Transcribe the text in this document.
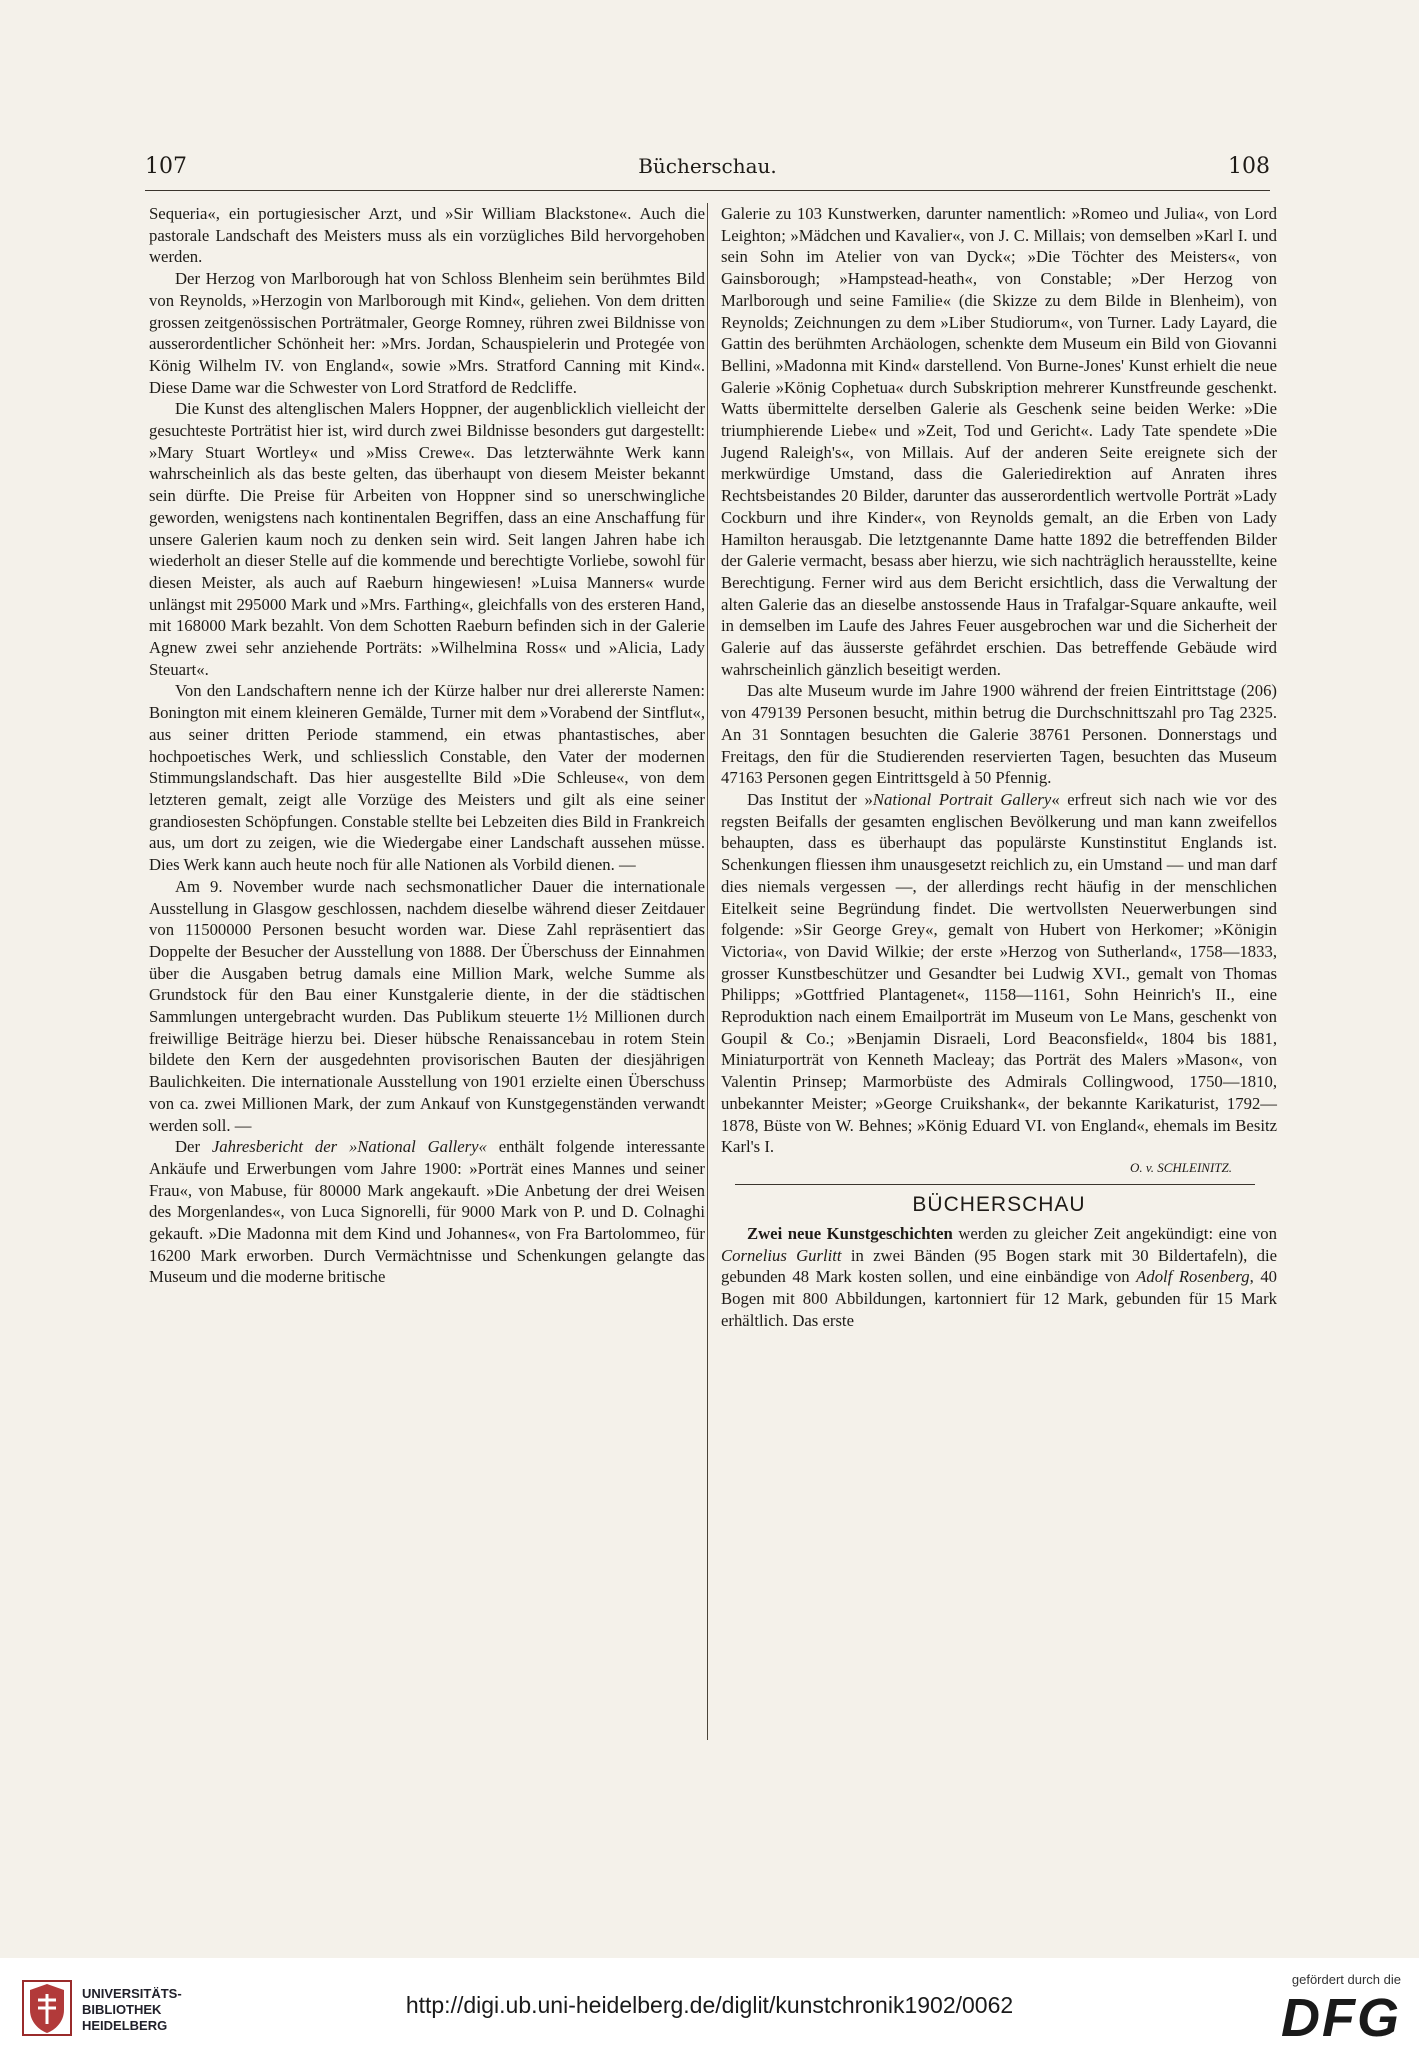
107	Bücherschau.	108

Sequeria«, ein portugiesischer Arzt, und »Sir William Blackstone«. Auch die pastorale Landschaft des Meisters muss als ein vorzügliches Bild hervorgehoben werden.

Der Herzog von Marlborough hat von Schloss Blenheim sein berühmtes Bild von Reynolds, »Herzogin von Marlborough mit Kind«, geliehen. Von dem dritten grossen zeitgenössischen Porträtmaler, George Romney, rühren zwei Bildnisse von ausserordentlicher Schönheit her: »Mrs. Jordan, Schauspielerin und Protegée von König Wilhelm IV. von England«, sowie »Mrs. Stratford Canning mit Kind«. Diese Dame war die Schwester von Lord Stratford de Redcliffe.

Die Kunst des altenglischen Malers Hoppner, der augenblicklich vielleicht der gesuchteste Porträtist hier ist, wird durch zwei Bildnisse besonders gut dargestellt: »Mary Stuart Wortley« und »Miss Crewe«. Das letzterwähnte Werk kann wahrscheinlich als das beste gelten, das überhaupt von diesem Meister bekannt sein dürfte. Die Preise für Arbeiten von Hoppner sind so unerschwingliche geworden, wenigstens nach kontinentalen Begriffen, dass an eine Anschaffung für unsere Galerien kaum noch zu denken sein wird. Seit langen Jahren habe ich wiederholt an dieser Stelle auf die kommende und berechtigte Vorliebe, sowohl für diesen Meister, als auch auf Raeburn hingewiesen! »Luisa Manners« wurde unlängst mit 295000 Mark und »Mrs. Farthing«, gleichfalls von des ersteren Hand, mit 168000 Mark bezahlt. Von dem Schotten Raeburn befinden sich in der Galerie Agnew zwei sehr anziehende Porträts: »Wilhelmina Ross« und »Alicia, Lady Steuart«.

Von den Landschaftern nenne ich der Kürze halber nur drei allererste Namen: Bonington mit einem kleineren Gemälde, Turner mit dem »Vorabend der Sintflut«, aus seiner dritten Periode stammend, ein etwas phantastisches, aber hochpoetisches Werk, und schliesslich Constable, den Vater der modernen Stimmungslandschaft. Das hier ausgestellte Bild »Die Schleuse«, von dem letzteren gemalt, zeigt alle Vorzüge des Meisters und gilt als eine seiner grandiosesten Schöpfungen. Constable stellte bei Lebzeiten dies Bild in Frankreich aus, um dort zu zeigen, wie die Wiedergabe einer Landschaft aussehen müsse. Dies Werk kann auch heute noch für alle Nationen als Vorbild dienen. —

Am 9. November wurde nach sechsmonatlicher Dauer die internationale Ausstellung in Glasgow geschlossen, nachdem dieselbe während dieser Zeitdauer von 11500000 Personen besucht worden war. Diese Zahl repräsentiert das Doppelte der Besucher der Ausstellung von 1888. Der Überschuss der Einnahmen über die Ausgaben betrug damals eine Million Mark, welche Summe als Grundstock für den Bau einer Kunstgalerie diente, in der die städtischen Sammlungen untergebracht wurden. Das Publikum steuerte 1½ Millionen durch freiwillige Beiträge hierzu bei. Dieser hübsche Renaissancebau in rotem Stein bildete den Kern der ausgedehnten provisorischen Bauten der diesjährigen Baulichkeiten. Die internationale Ausstellung von 1901 erzielte einen Überschuss von ca. zwei Millionen Mark, der zum Ankauf von Kunstgegenständen verwandt werden soll. —

Der Jahresbericht der »National Gallery« enthält folgende interessante Ankäufe und Erwerbungen vom Jahre 1900: »Porträt eines Mannes und seiner Frau«, von Mabuse, für 80000 Mark angekauft. »Die Anbetung der drei Weisen des Morgenlandes«, von Luca Signorelli, für 9000 Mark von P. und D. Colnaghi gekauft. »Die Madonna mit dem Kind und Johannes«, von Fra Bartolommeo, für 16200 Mark erworben. Durch Vermächtnisse und Schenkungen gelangte das Museum und die moderne britische

Galerie zu 103 Kunstwerken, darunter namentlich: »Romeo und Julia«, von Lord Leighton; »Mädchen und Kavalier«, von J. C. Millais; von demselben »Karl I. und sein Sohn im Atelier von van Dyck«; »Die Töchter des Meisters«, von Gainsborough; »Hampstead-heath«, von Constable; »Der Herzog von Marlborough und seine Familie« (die Skizze zu dem Bilde in Blenheim), von Reynolds; Zeichnungen zu dem »Liber Studiorum«, von Turner. Lady Layard, die Gattin des berühmten Archäologen, schenkte dem Museum ein Bild von Giovanni Bellini, »Madonna mit Kind« darstellend. Von Burne-Jones' Kunst erhielt die neue Galerie »König Cophetua« durch Subskription mehrerer Kunstfreunde geschenkt. Watts übermittelte derselben Galerie als Geschenk seine beiden Werke: »Die triumphierende Liebe« und »Zeit, Tod und Gericht«. Lady Tate spendete »Die Jugend Raleigh's«, von Millais. Auf der anderen Seite ereignete sich der merkwürdige Umstand, dass die Galeriedirektion auf Anraten ihres Rechtsbeistandes 20 Bilder, darunter das ausserordentlich wertvolle Porträt »Lady Cockburn und ihre Kinder«, von Reynolds gemalt, an die Erben von Lady Hamilton herausgab. Die letztgenannte Dame hatte 1892 die betreffenden Bilder der Galerie vermacht, besass aber hierzu, wie sich nachträglich herausstellte, keine Berechtigung. Ferner wird aus dem Bericht ersichtlich, dass die Verwaltung der alten Galerie das an dieselbe anstossende Haus in Trafalgar-Square ankaufte, weil in demselben im Laufe des Jahres Feuer ausgebrochen war und die Sicherheit der Galerie auf das äusserste gefährdet erschien. Das betreffende Gebäude wird wahrscheinlich gänzlich beseitigt werden.

Das alte Museum wurde im Jahre 1900 während der freien Eintrittstage (206) von 479139 Personen besucht, mithin betrug die Durchschnittszahl pro Tag 2325. An 31 Sonntagen besuchten die Galerie 38761 Personen. Donnerstags und Freitags, den für die Studierenden reservierten Tagen, besuchten das Museum 47163 Personen gegen Eintrittsgeld à 50 Pfennig.

Das Institut der »National Portrait Gallery« erfreut sich nach wie vor des regsten Beifalls der gesamten englischen Bevölkerung und man kann zweifellos behaupten, dass es überhaupt das populärste Kunstinstitut Englands ist. Schenkungen fliessen ihm unausgesetzt reichlich zu, ein Umstand — und man darf dies niemals vergessen —, der allerdings recht häufig in der menschlichen Eitelkeit seine Begründung findet. Die wertvollsten Neuerwerbungen sind folgende: »Sir George Grey«, gemalt von Hubert von Herkomer; »Königin Victoria«, von David Wilkie; der erste »Herzog von Sutherland«, 1758—1833, grosser Kunstbeschützer und Gesandter bei Ludwig XVI., gemalt von Thomas Philipps; »Gottfried Plantagenet«, 1158—1161, Sohn Heinrich's II., eine Reproduktion nach einem Emailporträt im Museum von Le Mans, geschenkt von Goupil & Co.; »Benjamin Disraeli, Lord Beaconsfield«, 1804 bis 1881, Miniaturporträt von Kenneth Macleay; das Porträt des Malers »Mason«, von Valentin Prinsep; Marmorbüste des Admirals Collingwood, 1750—1810, unbekannter Meister; »George Cruikshank«, der bekannte Karikaturist, 1792—1878, Büste von W. Behnes; »König Eduard VI. von England«, ehemals im Besitz Karl's I.

O. v. SCHLEINITZ.
BÜCHERSCHAU

Zwei neue Kunstgeschichten werden zu gleicher Zeit angekündigt: eine von Cornelius Gurlitt in zwei Bänden (95 Bogen stark mit 30 Bildertafeln), die gebunden 48 Mark kosten sollen, und eine einbändige von Adolf Rosenberg, 40 Bogen mit 800 Abbildungen, kartonniert für 12 Mark, gebunden für 15 Mark erhältlich. Das erste

UNIVERSITÄTS-
BIBLIOTHEK
HEIDELBERG
http://digi.ub.uni-heidelberg.de/diglit/kunstchronik1902/0062
gefördert durch die
DFG
